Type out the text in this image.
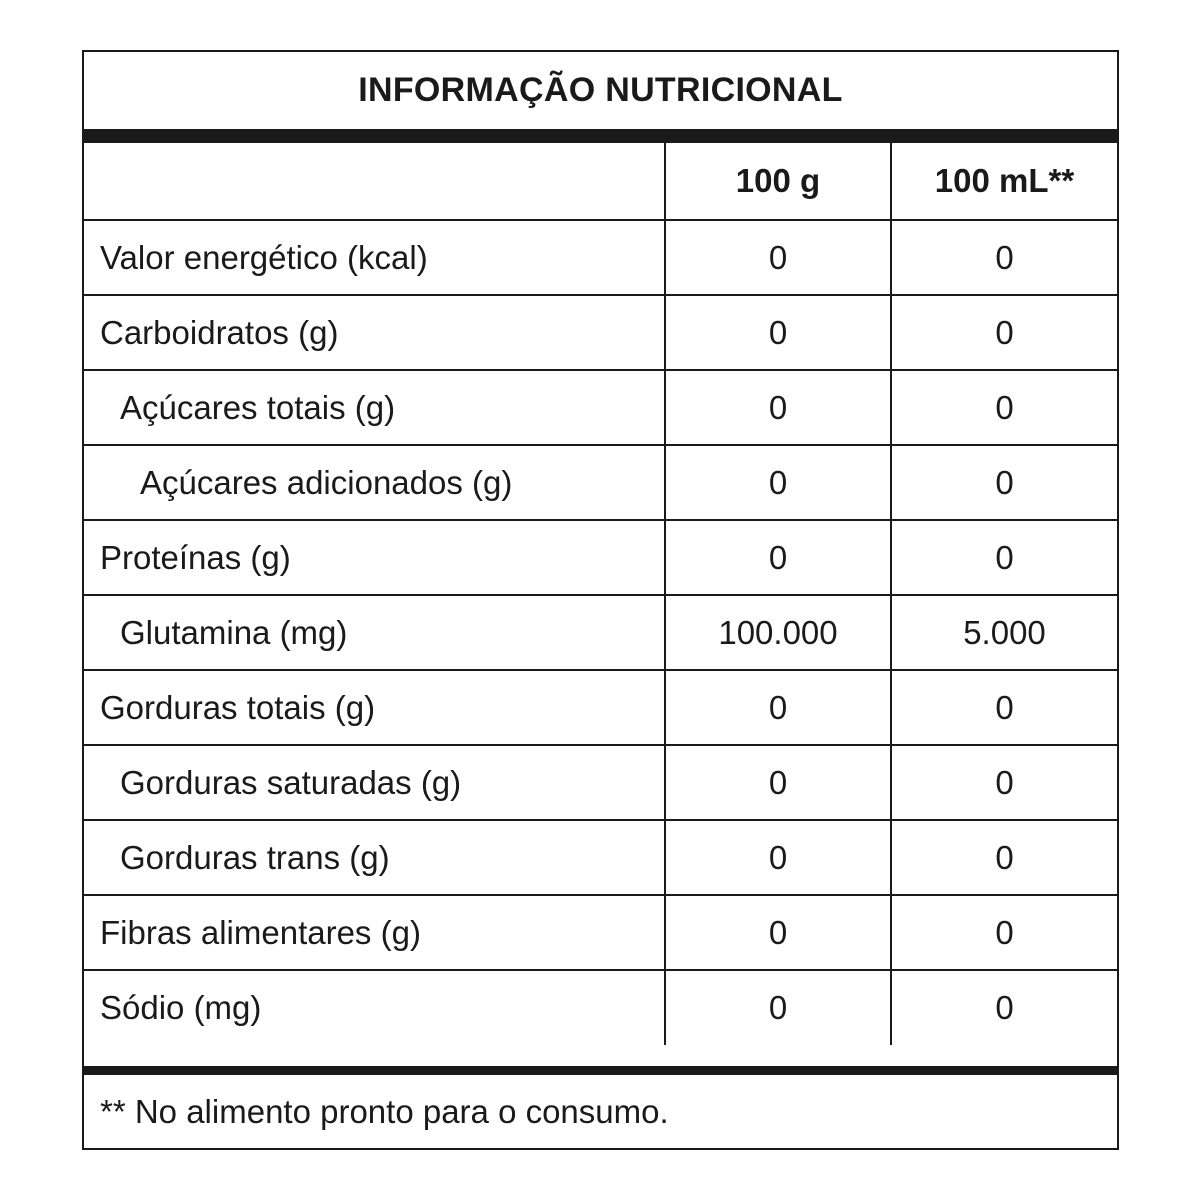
INFORMAÇÃO NUTRICIONAL
	100 g	100 mL**
Valor energético (kcal)	0	0
Carboidratos (g)	0	0
Açúcares totais (g)	0	0
Açúcares adicionados (g)	0	0
Proteínas (g)	0	0
Glutamina (mg)	100.000	5.000
Gorduras totais (g)	0	0
Gorduras saturadas (g)	0	0
Gorduras trans (g)	0	0
Fibras alimentares (g)	0	0
Sódio (mg)	0	0
** No alimento pronto para o consumo.
